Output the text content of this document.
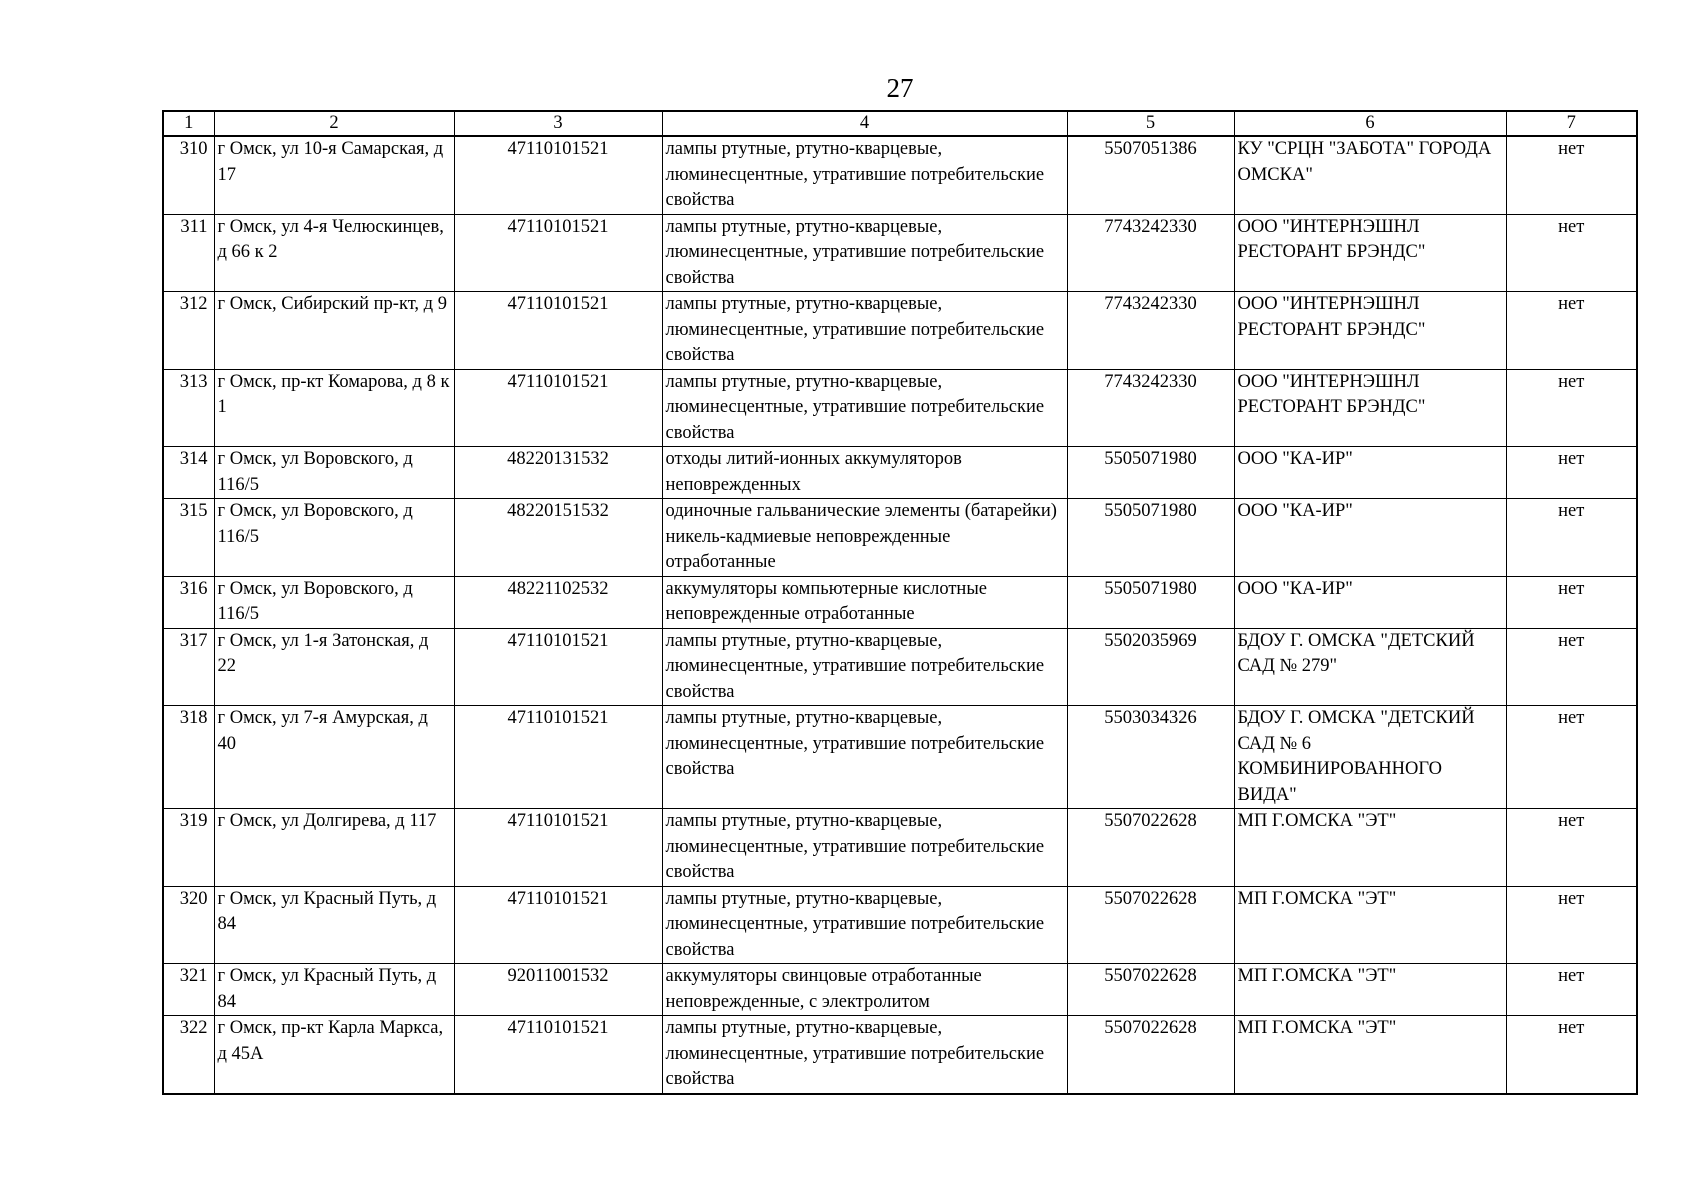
27
1	2	3	4	5	6	7
310	г Омск, ул 10-я Самарская, д 17	47110101521	лампы ртутные, ртутно-кварцевые, люминесцентные, утратившие потребительские свойства	5507051386	КУ "СРЦН "ЗАБОТА" ГОРОДА ОМСКА"	нет
311	г Омск, ул 4-я Челюскинцев, д 66 к 2	47110101521	лампы ртутные, ртутно-кварцевые, люминесцентные, утратившие потребительские свойства	7743242330	ООО "ИНТЕРНЭШНЛ РЕСТОРАНТ БРЭНДС"	нет
312	г Омск, Сибирский пр-кт, д 9	47110101521	лампы ртутные, ртутно-кварцевые, люминесцентные, утратившие потребительские свойства	7743242330	ООО "ИНТЕРНЭШНЛ РЕСТОРАНТ БРЭНДС"	нет
313	г Омск, пр-кт Комарова, д 8 к 1	47110101521	лампы ртутные, ртутно-кварцевые, люминесцентные, утратившие потребительские свойства	7743242330	ООО "ИНТЕРНЭШНЛ РЕСТОРАНТ БРЭНДС"	нет
314	г Омск, ул Воровского, д 116/5	48220131532	отходы литий-ионных аккумуляторов неповрежденных	5505071980	ООО "КА-ИР"	нет
315	г Омск, ул Воровского, д 116/5	48220151532	одиночные гальванические элементы (батарейки) никель-кадмиевые неповрежденные отработанные	5505071980	ООО "КА-ИР"	нет
316	г Омск, ул Воровского, д 116/5	48221102532	аккумуляторы компьютерные кислотные неповрежденные отработанные	5505071980	ООО "КА-ИР"	нет
317	г Омск, ул 1-я Затонская, д 22	47110101521	лампы ртутные, ртутно-кварцевые, люминесцентные, утратившие потребительские свойства	5502035969	БДОУ Г. ОМСКА "ДЕТСКИЙ САД № 279"	нет
318	г Омск, ул 7-я Амурская, д 40	47110101521	лампы ртутные, ртутно-кварцевые, люминесцентные, утратившие потребительские свойства	5503034326	БДОУ Г. ОМСКА "ДЕТСКИЙ САД № 6 КОМБИНИРОВАННОГО ВИДА"	нет
319	г Омск, ул Долгирева, д 117	47110101521	лампы ртутные, ртутно-кварцевые, люминесцентные, утратившие потребительские свойства	5507022628	МП Г.ОМСКА "ЭТ"	нет
320	г Омск, ул Красный Путь, д 84	47110101521	лампы ртутные, ртутно-кварцевые, люминесцентные, утратившие потребительские свойства	5507022628	МП Г.ОМСКА "ЭТ"	нет
321	г Омск, ул Красный Путь, д 84	92011001532	аккумуляторы свинцовые отработанные неповрежденные, с электролитом	5507022628	МП Г.ОМСКА "ЭТ"	нет
322	г Омск, пр-кт Карла Маркса, д 45А	47110101521	лампы ртутные, ртутно-кварцевые, люминесцентные, утратившие потребительские свойства	5507022628	МП Г.ОМСКА "ЭТ"	нет
